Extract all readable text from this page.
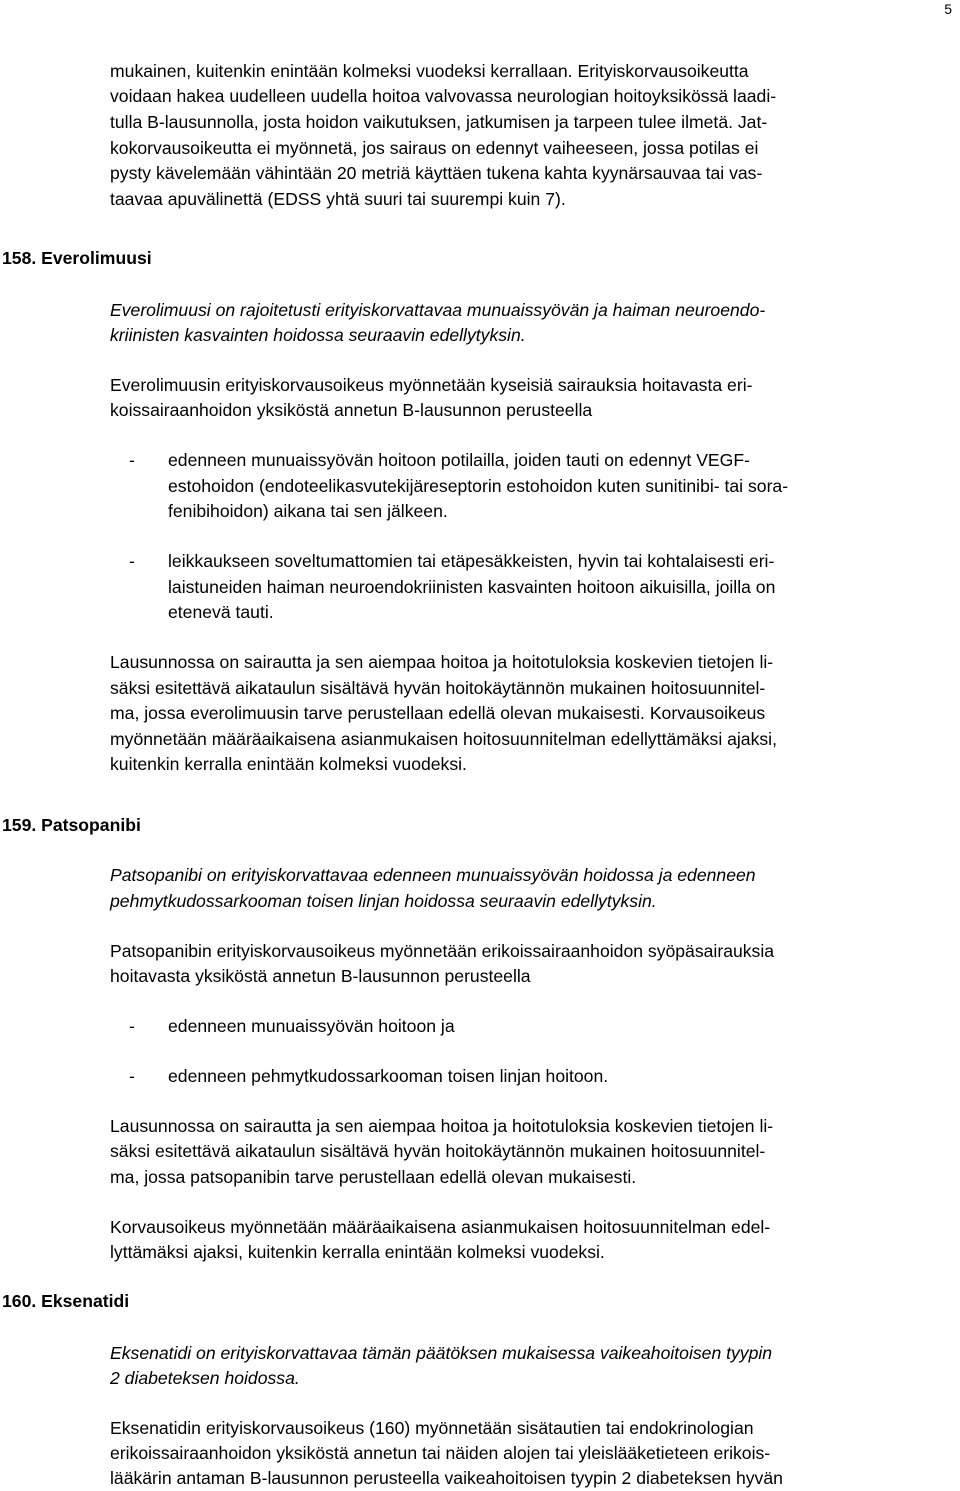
5
mukainen, kuitenkin enintään kolmeksi vuodeksi kerrallaan. Erityiskorvausoikeutta
voidaan hakea uudelleen uudella hoitoa valvovassa neurologian hoitoyksikössä laadi-
tulla B-lausunnolla, josta hoidon vaikutuksen, jatkumisen ja tarpeen tulee ilmetä. Jat-
kokorvausoikeutta ei myönnetä, jos sairaus on edennyt vaiheeseen, jossa potilas ei
pysty kävelemään vähintään 20 metriä käyttäen tukena kahta kyynärsauvaa tai vas-
taavaa apuvälinettä (EDSS yhtä suuri tai suurempi kuin 7).
158. Everolimuusi
Everolimuusi on rajoitetusti erityiskorvattavaa munuaissyövän ja haiman neuroendo-
kriinisten kasvainten hoidossa seuraavin edellytyksin.
Everolimuusin erityiskorvausoikeus myönnetään kyseisiä sairauksia hoitavasta eri-
koissairaanhoidon yksiköstä annetun B-lausunnon perusteella
- edenneen munuaissyövän hoitoon potilailla, joiden tauti on edennyt VEGF-
estohoidon (endoteelikasvutekijäreseptorin estohoidon kuten sunitinibi- tai sora-
fenibihoidon) aikana tai sen jälkeen.
- leikkaukseen soveltumattomien tai etäpesäkkeisten, hyvin tai kohtalaisesti eri-
laistuneiden haiman neuroendokriinisten kasvainten hoitoon aikuisilla, joilla on
etenevä tauti.
Lausunnossa on sairautta ja sen aiempaa hoitoa ja hoitotuloksia koskevien tietojen li-
säksi esitettävä aikataulun sisältävä hyvän hoitokäytännön mukainen hoitosuunnitel-
ma, jossa everolimuusin tarve perustellaan edellä olevan mukaisesti. Korvausoikeus
myönnetään määräaikaisena asianmukaisen hoitosuunnitelman edellyttämäksi ajaksi,
kuitenkin kerralla enintään kolmeksi vuodeksi.
159. Patsopanibi
Patsopanibi on erityiskorvattavaa edenneen munuaissyövän hoidossa ja edenneen
pehmytkudossarkooman toisen linjan hoidossa seuraavin edellytyksin.
Patsopanibin erityiskorvausoikeus myönnetään erikoissairaanhoidon syöpäsairauksia
hoitavasta yksiköstä annetun B-lausunnon perusteella
- edenneen munuaissyövän hoitoon ja
- edenneen pehmytkudossarkooman toisen linjan hoitoon.
Lausunnossa on sairautta ja sen aiempaa hoitoa ja hoitotuloksia koskevien tietojen li-
säksi esitettävä aikataulun sisältävä hyvän hoitokäytännön mukainen hoitosuunnitel-
ma, jossa patsopanibin tarve perustellaan edellä olevan mukaisesti.
Korvausoikeus myönnetään määräaikaisena asianmukaisen hoitosuunnitelman edel-
lyttämäksi ajaksi, kuitenkin kerralla enintään kolmeksi vuodeksi.
160. Eksenatidi
Eksenatidi on erityiskorvattavaa tämän päätöksen mukaisessa vaikeahoitoisen tyypin
2 diabeteksen hoidossa.
Eksenatidin erityiskorvausoikeus (160) myönnetään sisätautien tai endokrinologian
erikoissairaanhoidon yksiköstä annetun tai näiden alojen tai yleislääketieteen erikois-
lääkärin antaman B-lausunnon perusteella vaikeahoitoisen tyypin 2 diabeteksen hyvän
